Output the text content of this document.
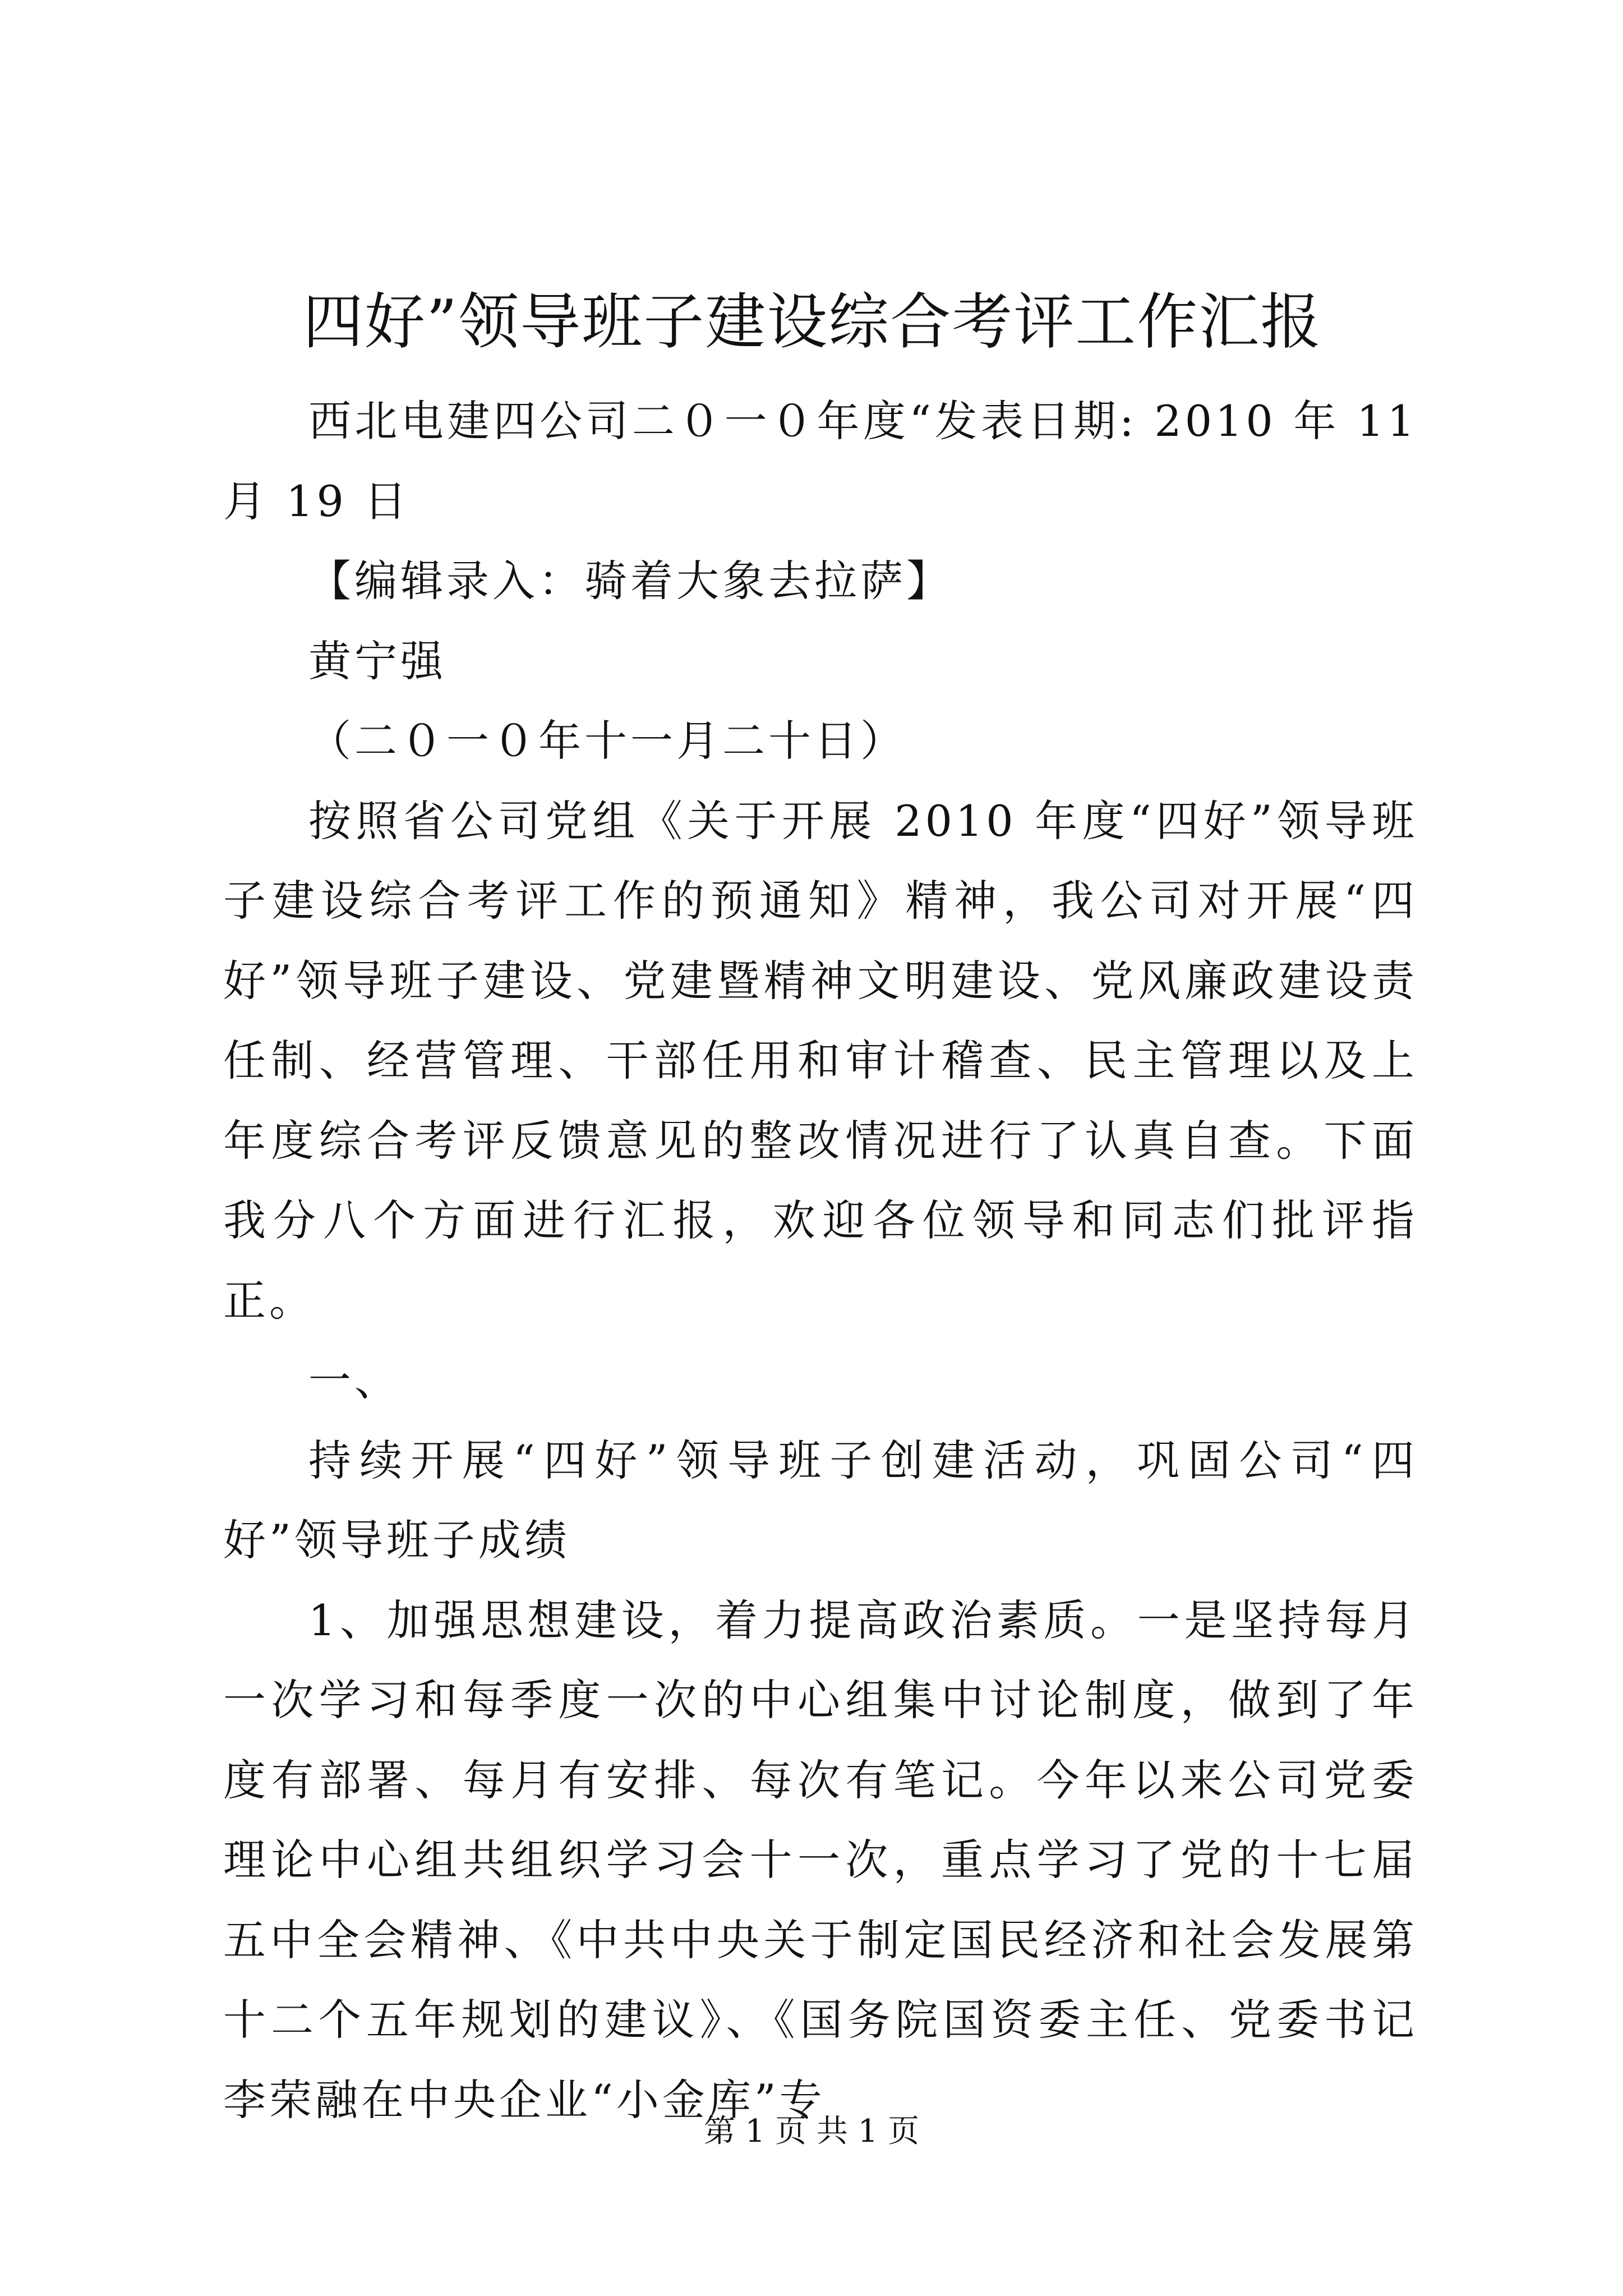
四好”领导班子建设综合考评工作汇报

西北电建四公司二０一０年度“发表日期: 2010 年 11 月 19 日

【编辑录入：骑着大象去拉萨】

黄宁强

（二０一０年十一月二十日）

按照省公司党组《关于开展 2010 年度“四好”领导班子建设综合考评工作的预通知》精神，我公司对开展“四好”领导班子建设、党建暨精神文明建设、党风廉政建设责任制、经营管理、干部任用和审计稽查、民主管理以及上年度综合考评反馈意见的整改情况进行了认真自查。下面我分八个方面进行汇报，欢迎各位领导和同志们批评指正。

一、

持续开展“四好”领导班子创建活动，巩固公司“四好”领导班子成绩

1、加强思想建设，着力提高政治素质。一是坚持每月一次学习和每季度一次的中心组集中讨论制度，做到了年度有部署、每月有安排、每次有笔记。今年以来公司党委理论中心组共组织学习会十一次，重点学习了党的十七届五中全会精神、《中共中央关于制定国民经济和社会发展第十二个五年规划的建议》、《国务院国资委主任、党委书记李荣融在中央企业“小金库”专

第 1 页 共 1 页
